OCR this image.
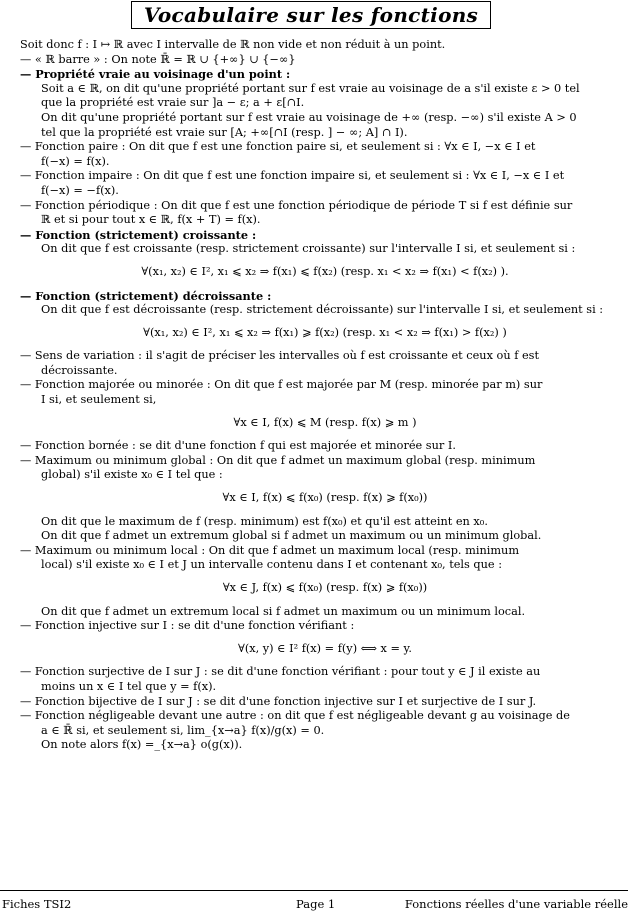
Vocabulaire sur les fonctions

Soit donc f : I ↦ ℝ avec I intervalle de ℝ non vide et non réduit à un point.

— « ℝ barre » : On note ℝ̄ = ℝ ∪ {+∞} ∪ {−∞}

— Propriété vraie au voisinage d'un point :

Soit a ∈ ℝ, on dit qu'une propriété portant sur f est vraie au voisinage de a s'il existe ε > 0 tel

que la propriété est vraie sur ]a − ε; a + ε[∩I.

On dit qu'une propriété portant sur f est vraie au voisinage de +∞ (resp. −∞) s'il existe A > 0

tel que la propriété est vraie sur [A; +∞[∩I (resp. ] − ∞; A] ∩ I).

— Fonction paire : On dit que f est une fonction paire si, et seulement si : ∀x ∈ I, −x ∈ I et

f(−x) = f(x).

— Fonction impaire : On dit que f est une fonction impaire si, et seulement si : ∀x ∈ I, −x ∈ I et

f(−x) = −f(x).

— Fonction périodique : On dit que f est une fonction périodique de période T si f est définie sur

ℝ et si pour tout x ∈ ℝ, f(x + T) = f(x).

— Fonction (strictement) croissante :

On dit que f est croissante (resp. strictement croissante) sur l'intervalle I si, et seulement si :

∀(x₁, x₂) ∈ I², x₁ ⩽ x₂ ⇒ f(x₁) ⩽ f(x₂) (resp. x₁ < x₂ ⇒ f(x₁) < f(x₂) ).

— Fonction (strictement) décroissante :

On dit que f est décroissante (resp. strictement décroissante) sur l'intervalle I si, et seulement si :

∀(x₁, x₂) ∈ I², x₁ ⩽ x₂ ⇒ f(x₁) ⩾ f(x₂) (resp. x₁ < x₂ ⇒ f(x₁) > f(x₂) )

— Sens de variation : il s'agit de préciser les intervalles où f est croissante et ceux où f est

décroissante.

— Fonction majorée ou minorée : On dit que f est majorée par M (resp. minorée par m) sur

I si, et seulement si,

∀x ∈ I, f(x) ⩽ M (resp. f(x) ⩾ m )

— Fonction bornée : se dit d'une fonction f qui est majorée et minorée sur I.

— Maximum ou minimum global : On dit que f admet un maximum global (resp. minimum

global) s'il existe x₀ ∈ I tel que :

∀x ∈ I, f(x) ⩽ f(x₀) (resp. f(x) ⩾ f(x₀))

On dit que le maximum de f (resp. minimum) est f(x₀) et qu'il est atteint en x₀.

On dit que f admet un extremum global si f admet un maximum ou un minimum global.

— Maximum ou minimum local : On dit que f admet un maximum local (resp. minimum

local) s'il existe x₀ ∈ I et J un intervalle contenu dans I et contenant x₀, tels que :

∀x ∈ J, f(x) ⩽ f(x₀) (resp. f(x) ⩾ f(x₀))

On dit que f admet un extremum local si f admet un maximum ou un minimum local.

— Fonction injective sur I : se dit d'une fonction vérifiant :

∀(x, y) ∈ I² f(x) = f(y) ⟺ x = y.

— Fonction surjective de I sur J : se dit d'une fonction vérifiant : pour tout y ∈ J il existe au

moins un x ∈ I tel que y = f(x).

— Fonction bijective de I sur J : se dit d'une fonction injective sur I et surjective de I sur J.

— Fonction négligeable devant une autre : on dit que f est négligeable devant g au voisinage de

a ∈ ℝ̄ si, et seulement si, lim_{x→a} f(x)/g(x) = 0.

On note alors f(x) =_{x→a} o(g(x)).

Fiches TSI2	Page 1	Fonctions réelles d'une variable réelle
